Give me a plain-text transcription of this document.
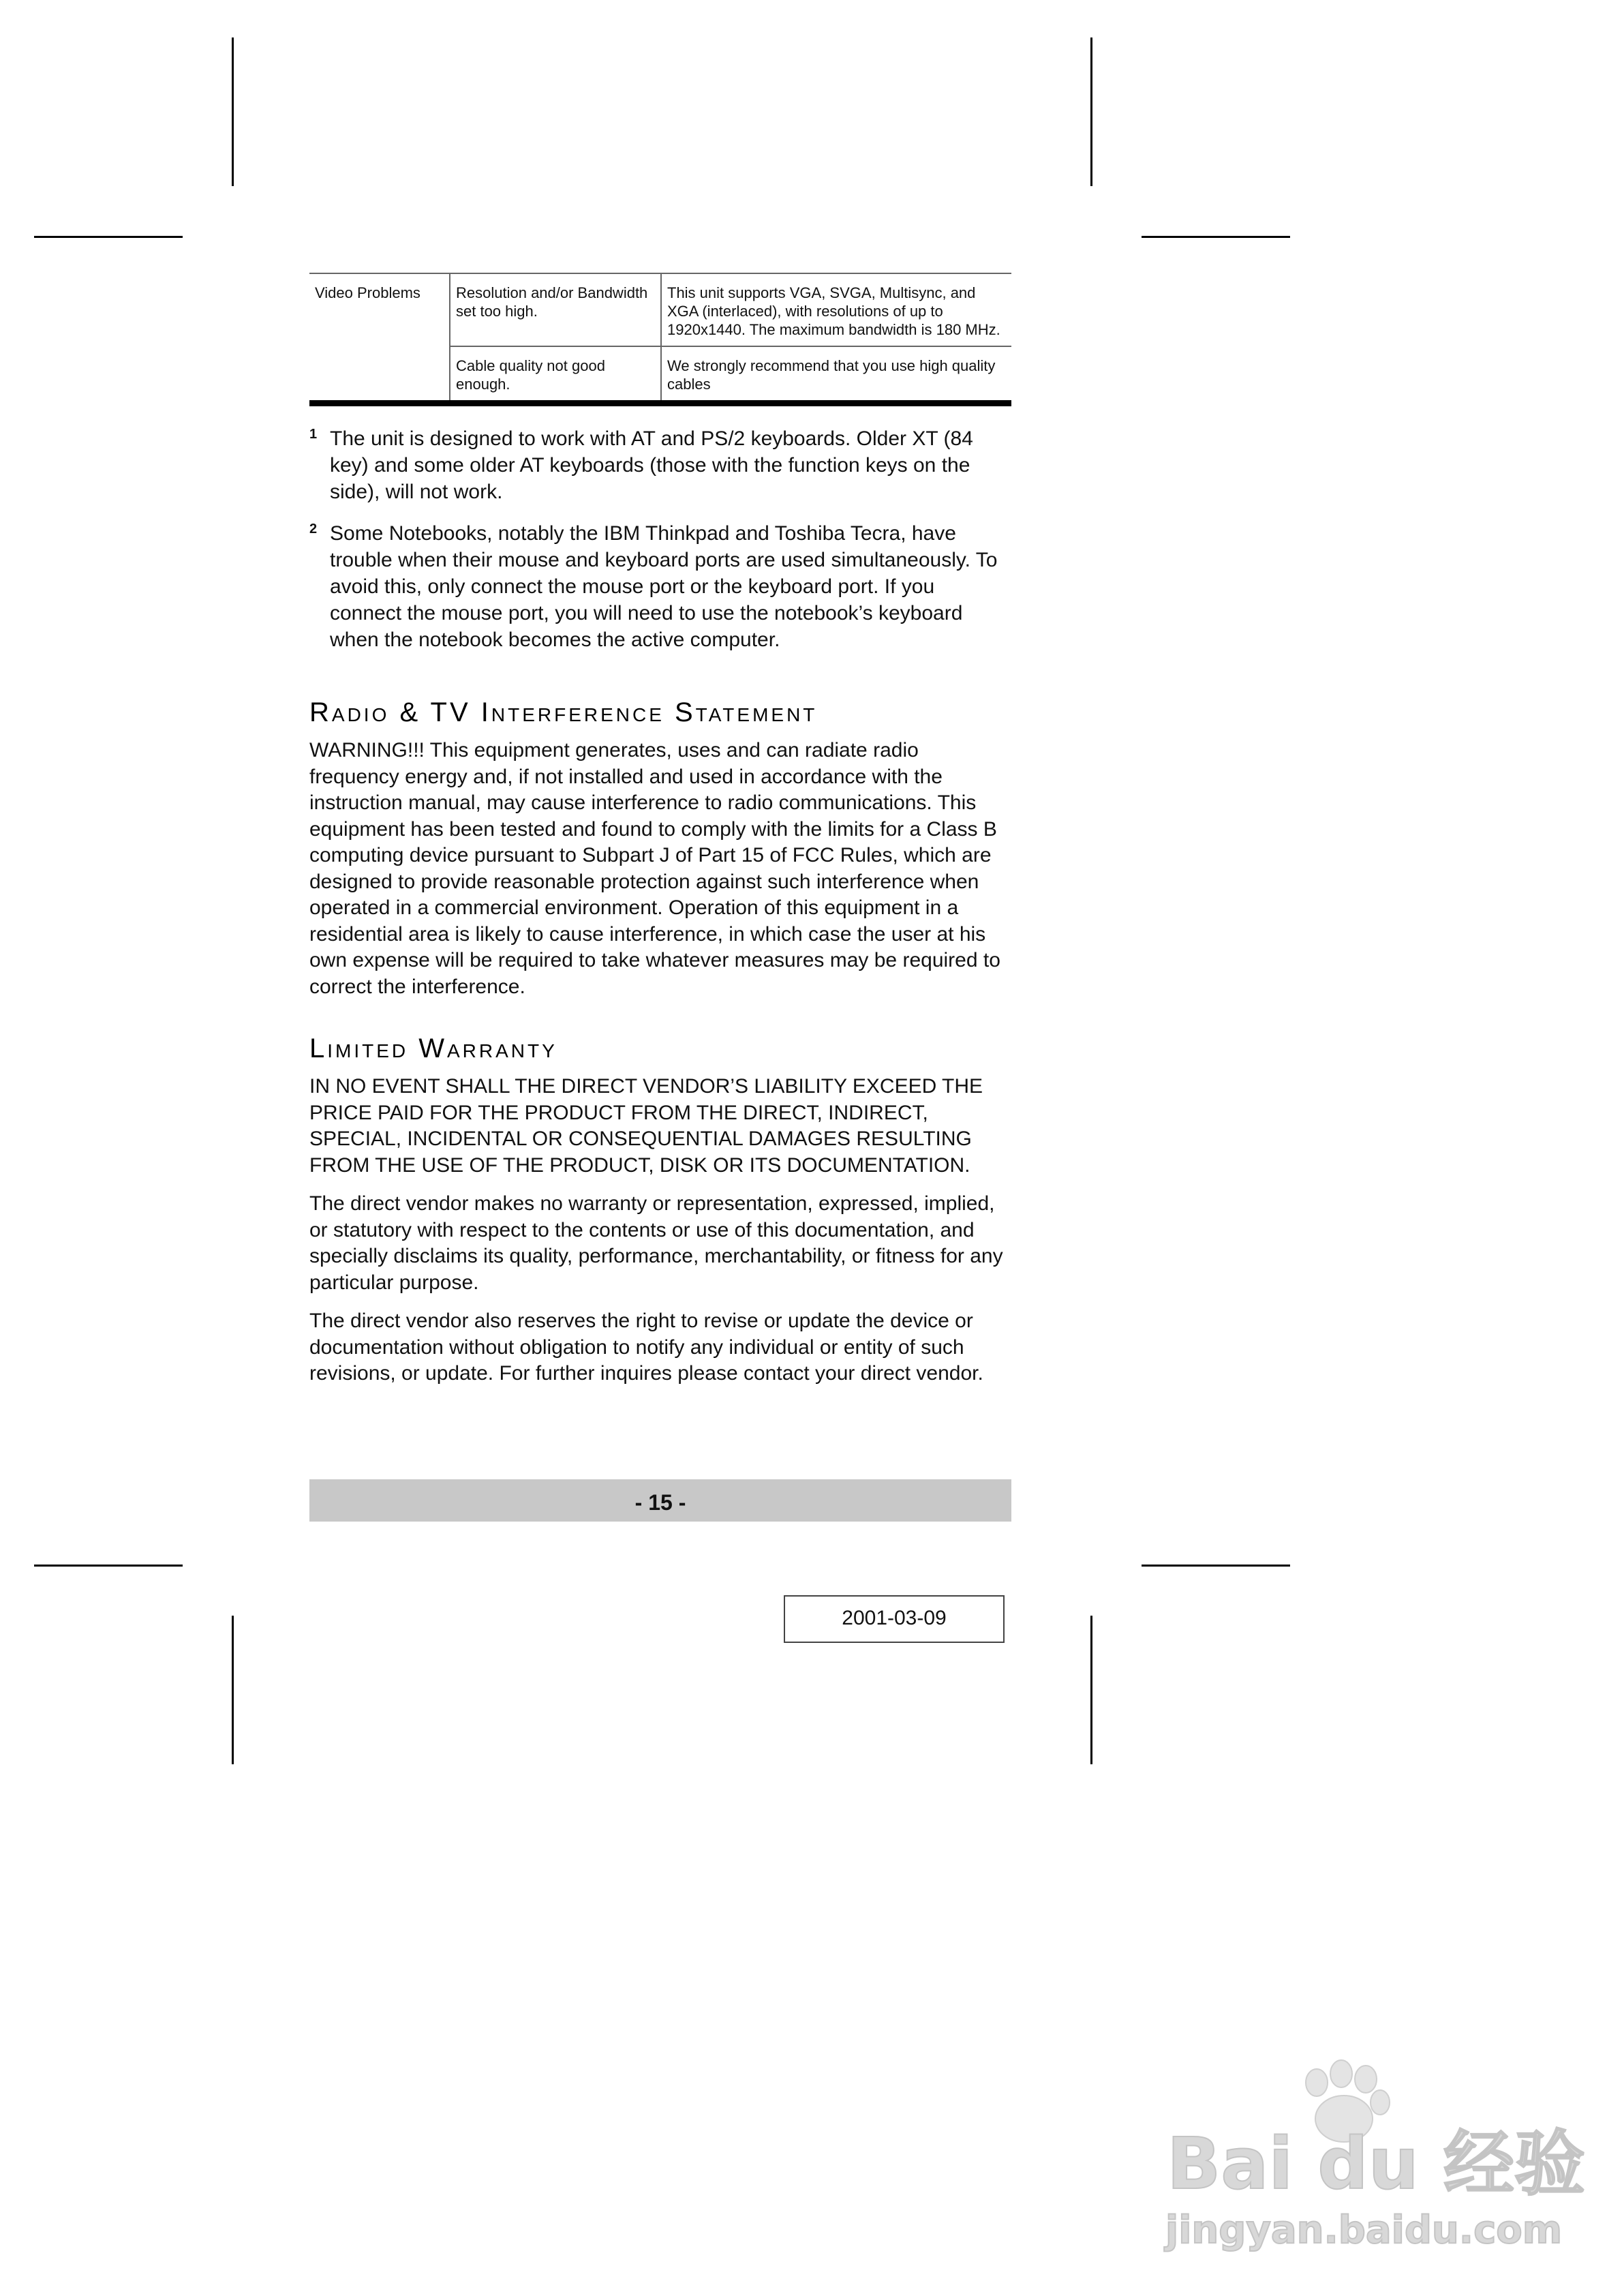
Video Problems	Resolution and/or Bandwidth set too high.	This unit supports VGA, SVGA, Multisync, and XGA (interlaced), with resolutions of up to 1920x1440. The maximum bandwidth is 180 MHz.
	Cable quality not good enough.	We strongly recommend that you use high quality cables
1 The unit is designed to work with AT and PS/2 keyboards. Older XT (84 key) and some older AT keyboards (those with the function keys on the side), will not work.
2 Some Notebooks, notably the IBM Thinkpad and Toshiba Tecra, have trouble when their mouse and keyboard ports are used simultaneously. To avoid this, only connect the mouse port or the keyboard port. If you connect the mouse port, you will need to use the notebook’s keyboard when the notebook becomes the active computer.
Radio & TV Interference Statement

WARNING!!! This equipment generates, uses and can radiate radio frequency energy and, if not installed and used in accordance with the instruction manual, may cause interference to radio communications. This equipment has been tested and found to comply with the limits for a Class B computing device pursuant to Subpart J of Part 15 of FCC Rules, which are designed to provide reasonable protection against such interference when operated in a commercial environment. Operation of this equipment in a residential area is likely to cause interference, in which case the user at his own expense will be required to take whatever measures may be required to correct the interference.

Limited Warranty

IN NO EVENT SHALL THE DIRECT VENDOR’S LIABILITY EXCEED THE PRICE PAID FOR THE PRODUCT FROM THE DIRECT, INDIRECT, SPECIAL, INCIDENTAL OR CONSEQUENTIAL DAMAGES RESULTING FROM THE USE OF THE PRODUCT, DISK OR ITS DOCUMENTATION.

The direct vendor makes no warranty or representation, expressed, implied, or statutory with respect to the contents or use of this documentation, and specially disclaims its quality, performance, merchantability, or fitness for any particular purpose.

The direct vendor also reserves the right to revise or update the device or documentation without obligation to notify any individual or entity of such revisions, or update. For further inquires please contact your direct vendor.

- 15 -
2001-03-09
Bai du 经验
jingyan.baidu.com
